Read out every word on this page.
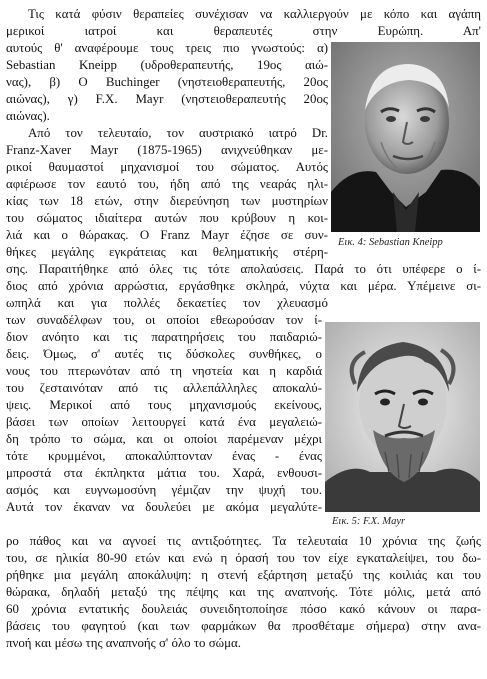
Τις κατά φύσιν θεραπείες συνέχισαν να καλλιεργούν με κόπο και αγάπη
μερικοί ιατροί και θεραπευτές στην Ευρώπη. Απ'
αυτούς θ' αναφέρουμε τους τρεις πιο γνωστούς: α)
Sebastian Kneipp (υδροθεραπευτής, 19ος αιώ-
νας), β) Ο Buchinger (νηστειοθεραπευτής, 20ος
αιώνας), γ) F.X. Mayr (νηστειοθεραπευτής 20ος
αιώνας).
Από τον τελευταίο, τον αυστριακό ιατρό Dr.
Franz-Xaver Mayr (1875-1965) ανιχνεύθηκαν με-
ρικοί θαυμαστοί μηχανισμοί του σώματος. Αυτός
αφιέρωσε τον εαυτό του, ήδη από της νεαράς ηλι-
κίας των 18 ετών, στην διερεύνηση των μυστηρίων
του σώματος ιδιαίτερα αυτών που κρύβουν η κοι-
λιά και ο θώρακας. Ο Franz Mayr έζησε σε συν-
θήκες μεγάλης εγκράτειας και θεληματικής στέρη-
σης. Παραιτήθηκε από όλες τις τότε απολαύσεις. Παρά το ότι υπέφερε ο ί-
διος από χρόνια αρρώστια, εργάσθηκε σκληρά, νύχτα και μέρα. Υπέμεινε σι-
ωπηλά και για πολλές δεκαετίες τον χλευασμό
των συναδέλφων του, οι οποίοι εθεωρούσαν τον ί-
διον ανόητο και τις παρατηρήσεις του παιδαριώ-
δεις. Όμως, σ' αυτές τις δύσκολες συνθήκες, ο
νους του πτερωνόταν από τη νηστεία και η καρδιά
του ζεσταινόταν από τις αλλεπάλληλες αποκαλύ-
ψεις. Μερικοί από τους μηχανισμούς εκείνους,
βάσει των οποίων λειτουργεί κατά ένα μεγαλειώ-
δη τρόπο το σώμα, και οι οποίοι παρέμεναν μέχρι
τότε κρυμμένοι, αποκαλύπτονταν ένας - ένας
μπροστά στα έκπληκτα μάτια του. Χαρά, ενθουσι-
ασμός και ευγνωμοσύνη γέμιζαν την ψυχή του.
Αυτά τον έκαναν να δουλεύει με ακόμα μεγαλύτε-
ρο πάθος και να αγνοεί τις αντιξοότητες. Τα τελευταία 10 χρόνια της ζωής
του, σε ηλικία 80-90 ετών και ενώ η όρασή του τον είχε εγκαταλείψει, του δω-
ρήθηκε μια μεγάλη αποκάλυψη: η στενή εξάρτηση μεταξύ της κοιλιάς και του
θώρακα, δηλαδή μεταξύ της πέψης και της αναπνοής. Τότε μόλις, μετά από
60 χρόνια εντατικής δουλειάς συνειδητοποίησε πόσο κακό κάνουν οι παρα-
βάσεις του φαγητού (και των φαρμάκων θα προσθέταμε σήμερα) στην ανα-
πνοή και μέσω της αναπνοής σ' όλο το σώμα.
Εικ. 4: Sebastian Kneipp
Εικ. 5: F.X. Mayr
